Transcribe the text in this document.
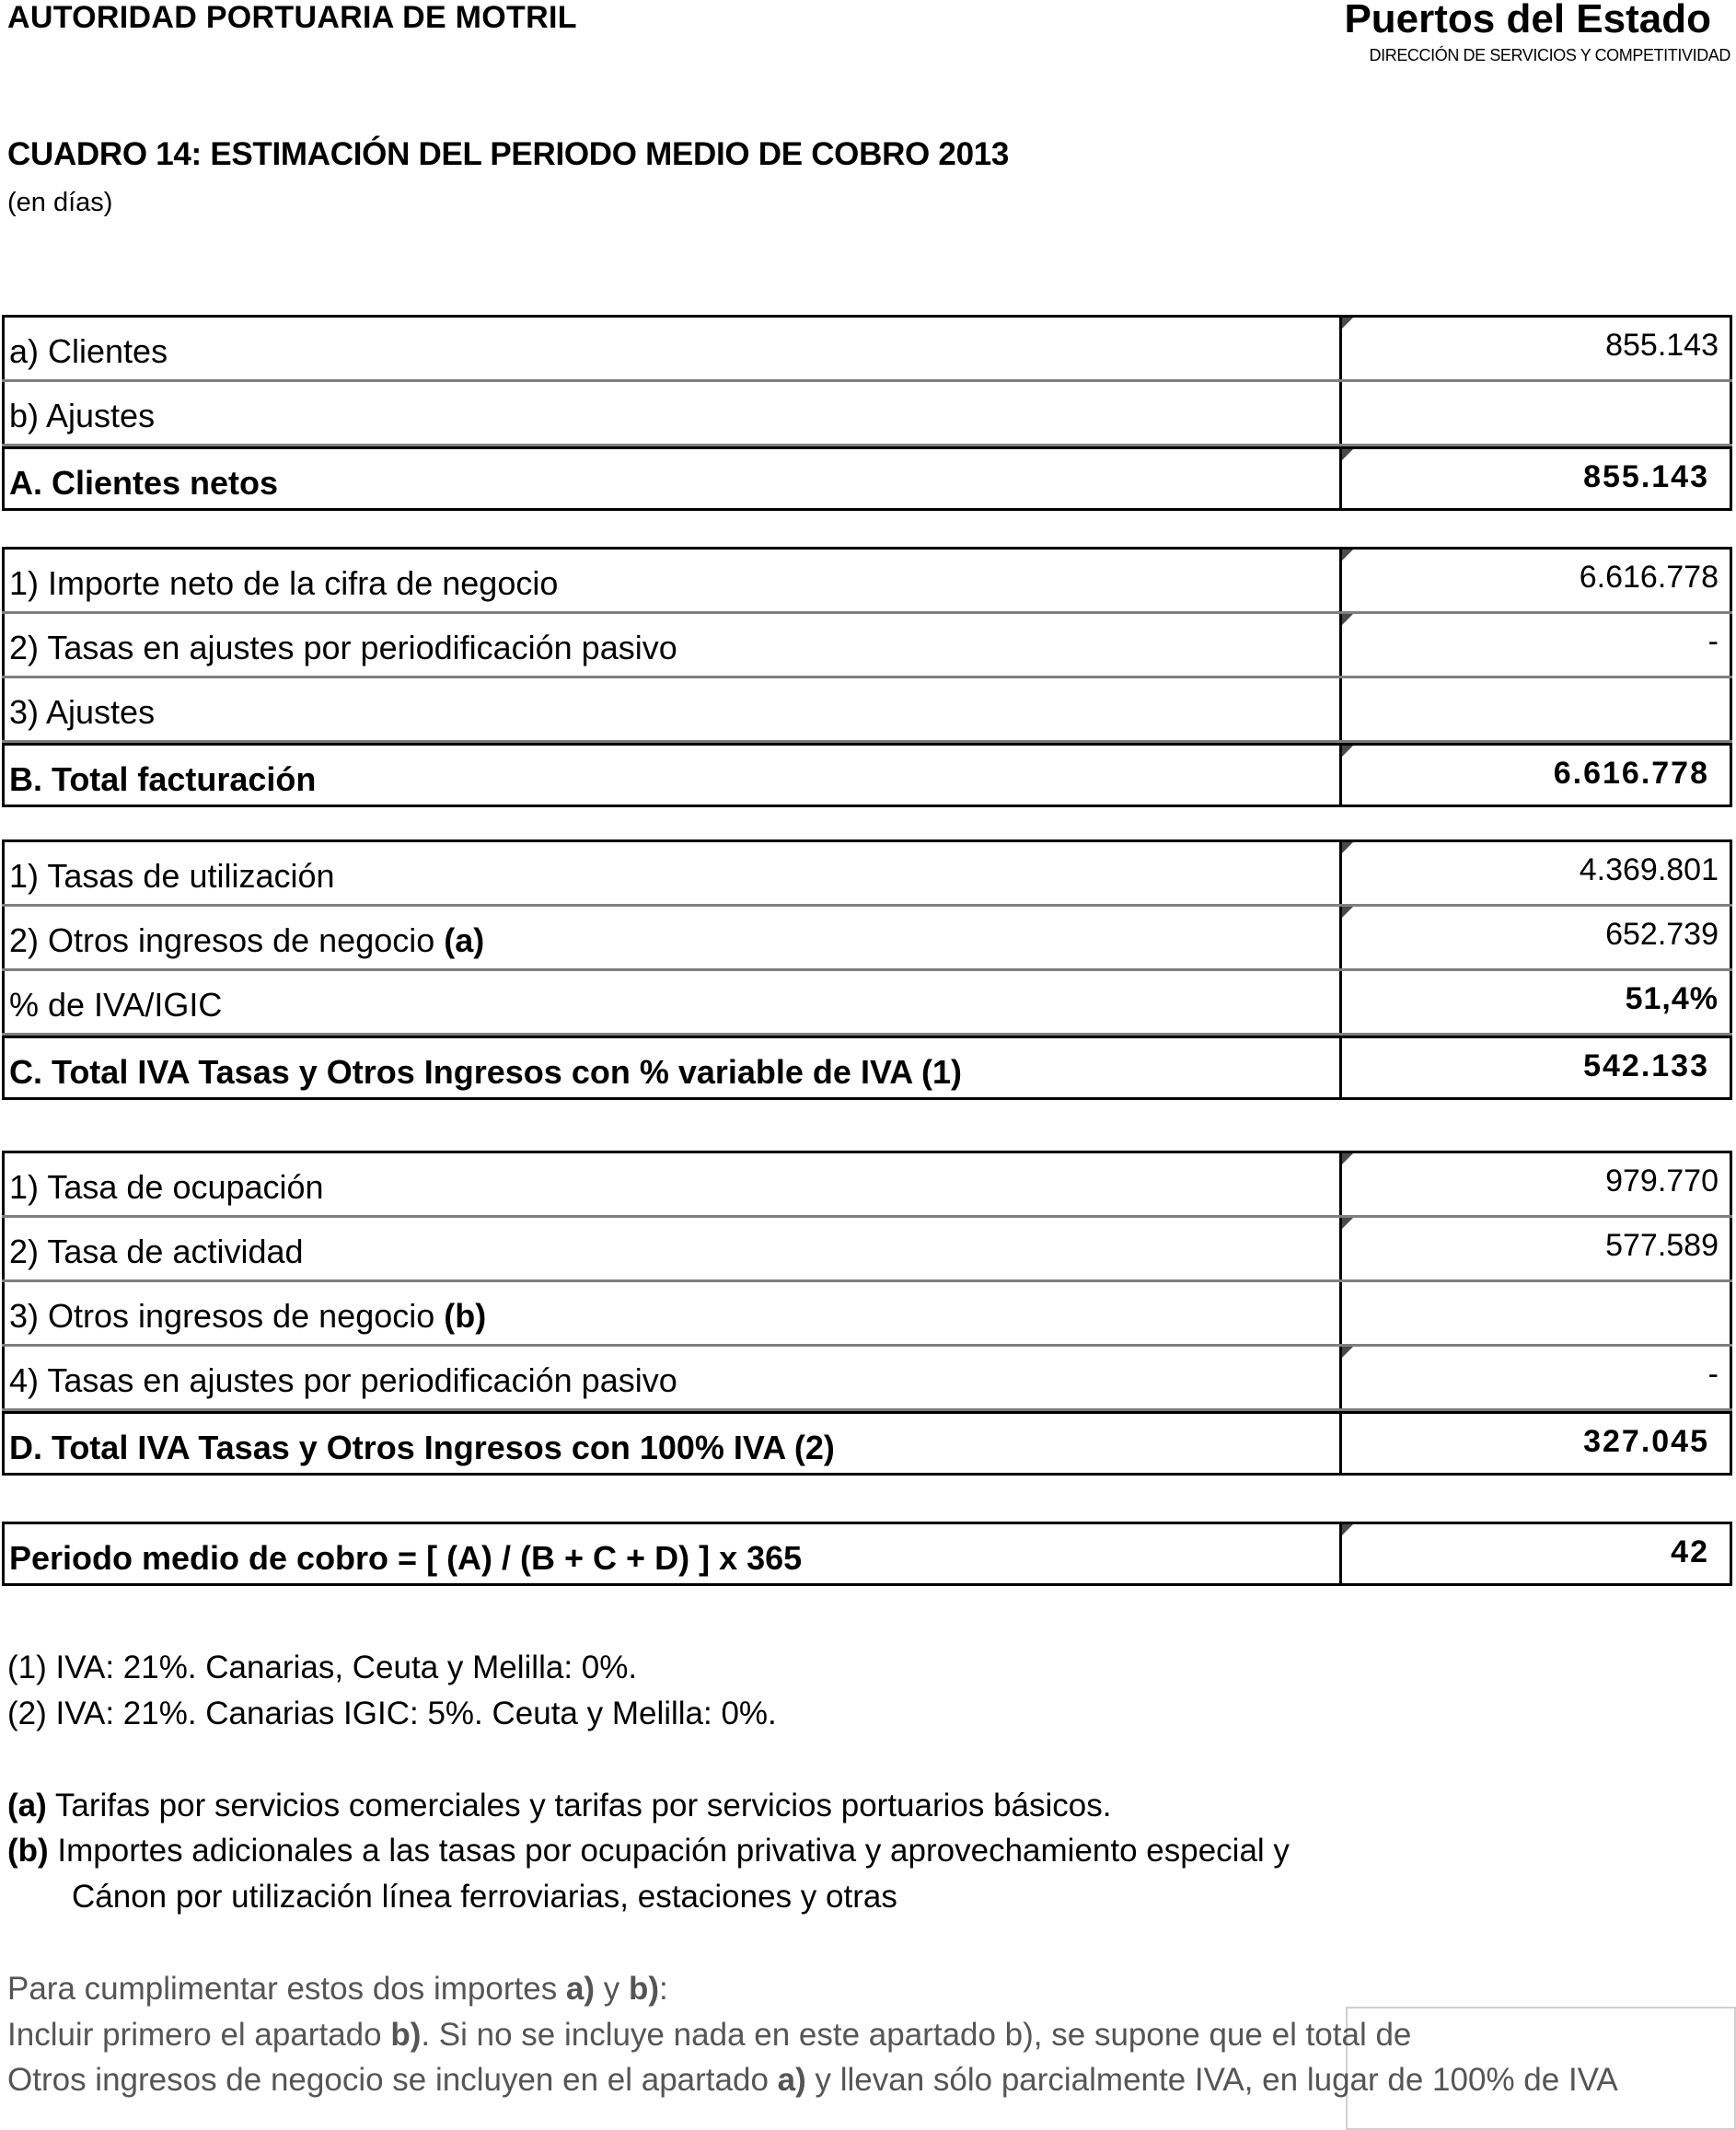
AUTORIDAD PORTUARIA DE MOTRIL	Puertos del Estado
DIRECCIÓN DE SERVICIOS Y COMPETITIVIDAD
CUADRO 14: ESTIMACIÓN DEL PERIODO MEDIO DE COBRO 2013
(en días)
a) Clientes	855.143
b) Ajustes
A. Clientes netos	855.143
1) Importe neto de la cifra de negocio	6.616.778
2) Tasas en ajustes por periodificación pasivo	-
3) Ajustes
B. Total facturación	6.616.778
1) Tasas de utilización	4.369.801
2) Otros ingresos de negocio (a)	652.739
% de IVA/IGIC	51,4%
C. Total IVA Tasas y Otros Ingresos con % variable de IVA (1)	542.133
1) Tasa de ocupación	979.770
2) Tasa de actividad	577.589
3) Otros ingresos de negocio (b)
4) Tasas en ajustes por periodificación pasivo	-
D. Total IVA Tasas y Otros Ingresos con 100% IVA (2)	327.045
Periodo medio de cobro = [ (A) / (B + C + D) ] x 365	42
(1) IVA: 21%. Canarias, Ceuta y Melilla: 0%.
(2) IVA: 21%. Canarias IGIC: 5%. Ceuta y Melilla: 0%.
(a) Tarifas por servicios comerciales y tarifas por servicios portuarios básicos.
(b) Importes adicionales a las tasas por ocupación privativa y aprovechamiento especial y
Cánon por utilización línea ferroviarias, estaciones y otras
Para cumplimentar estos dos importes a) y b):
Incluir primero el apartado b). Si no se incluye nada en este apartado b), se supone que el total de
Otros ingresos de negocio se incluyen en el apartado a) y llevan sólo parcialmente IVA, en lugar de 100% de IVA
